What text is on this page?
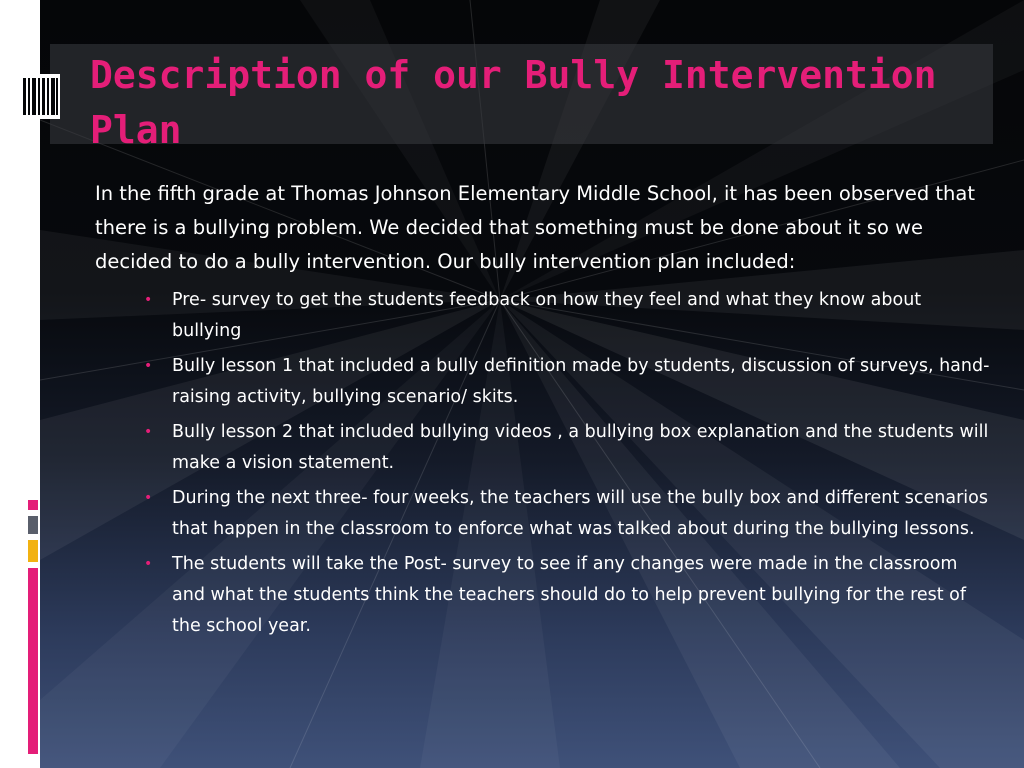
Description of our Bully Intervention Plan

In the fifth grade at Thomas Johnson Elementary Middle School, it has been observed that there is a bullying problem. We decided that something must be done about it so we decided to do a bully intervention. Our bully intervention plan included:

• Pre- survey to get the students feedback on how they feel and what they know about bullying
• Bully lesson 1 that included a bully definition made by students, discussion of surveys, hand-raising activity, bullying scenario/ skits.
• Bully lesson 2 that included bullying videos , a bullying box explanation and the students will make a vision statement.
• During the next three- four weeks, the teachers will use the bully box and different scenarios that happen in the classroom to enforce what was talked about during the bullying lessons.
• The students will take the Post- survey to see if any changes were made in the classroom and what the students think the teachers should do to help prevent bullying for the rest of the school year.
